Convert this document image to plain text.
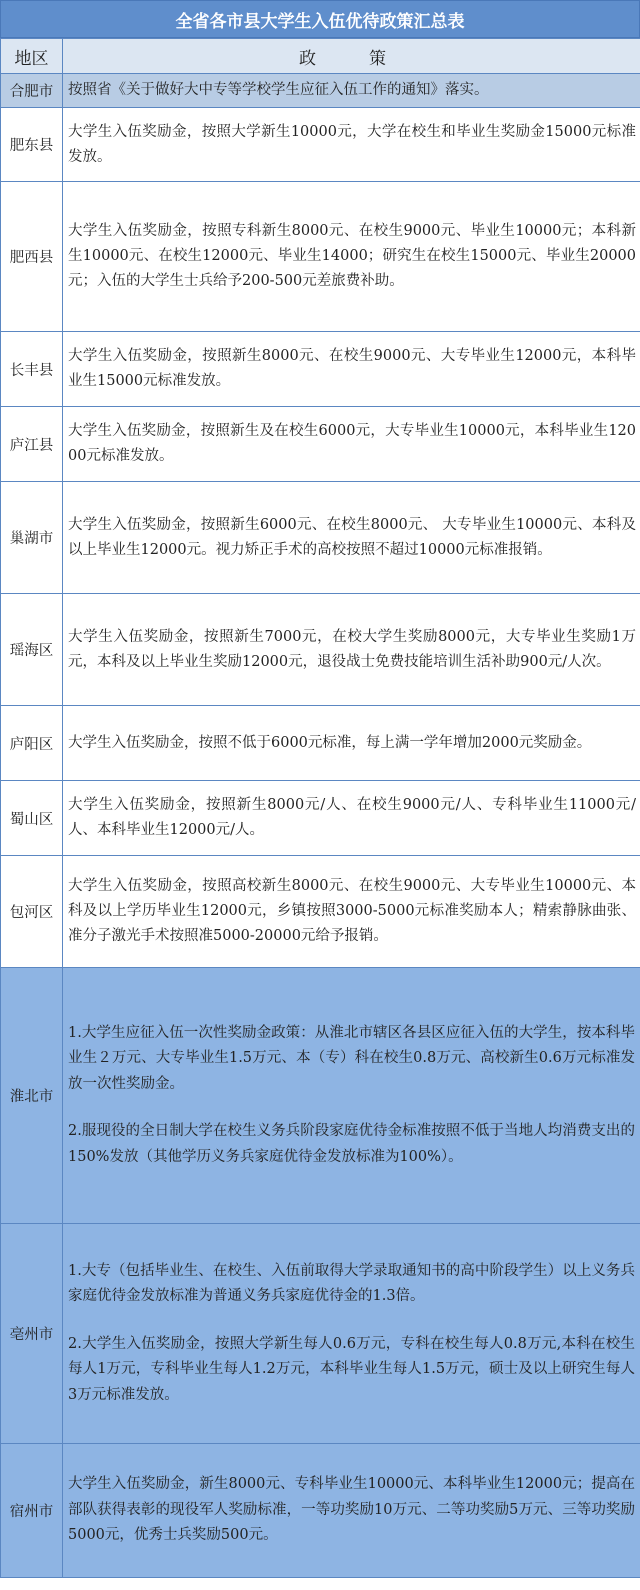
全省各市县大学生入伍优待政策汇总表
地区	政　策
合肥市	按照省《关于做好大中专等学校学生应征入伍工作的通知》落实。

肥东县	大学生入伍奖励金，按照大学新生10000元，大学在校生和毕业生奖励金15000元标准发放。

肥西县	大学生入伍奖励金，按照专科新生8000元、在校生9000元、毕业生10000元；本科新生10000元、在校生12000元、毕业生14000；研究生在校生15000元、毕业生20000元；入伍的大学生士兵给予200-500元差旅费补助。

长丰县	大学生入伍奖励金，按照新生8000元、在校生9000元、大专毕业生12000元，本科毕业生15000元标准发放。

庐江县	大学生入伍奖励金，按照新生及在校生6000元，大专毕业生10000元，本科毕业生12000元标准发放。

巢湖市	大学生入伍奖励金，按照新生6000元、在校生8000元、 大专毕业生10000元、本科及以上毕业生12000元。视力矫正手术的高校按照不超过10000元标准报销。

瑶海区	大学生入伍奖励金，按照新生7000元，在校大学生奖励8000元，大专毕业生奖励1万元，本科及以上毕业生奖励12000元，退役战士免费技能培训生活补助900元/人次。

庐阳区	大学生入伍奖励金，按照不低于6000元标准，每上满一学年增加2000元奖励金。

蜀山区	大学生入伍奖励金，按照新生8000元/人、在校生9000元/人、专科毕业生11000元/人、本科毕业生12000元/人。

包河区	大学生入伍奖励金，按照高校新生8000元、在校生9000元、大专毕业生10000元、本科及以上学历毕业生12000元，乡镇按照3000-5000元标准奖励本人；精索静脉曲张、准分子激光手术按照准5000-20000元给予报销。

淮北市	1.大学生应征入伍一次性奖励金政策：从淮北市辖区各县区应征入伍的大学生，按本科毕业生２万元、大专毕业生1.5万元、本（专）科在校生0.8万元、高校新生0.6万元标准发放一次性奖励金。

2.服现役的全日制大学在校生义务兵阶段家庭优待金标准按照不低于当地人均消费支出的150%发放（其他学历义务兵家庭优待金发放标准为100%）。

亳州市	1.大专（包括毕业生、在校生、入伍前取得大学录取通知书的高中阶段学生）以上义务兵家庭优待金发放标准为普通义务兵家庭优待金的1.3倍。

2.大学生入伍奖励金，按照大学新生每人0.6万元，专科在校生每人0.8万元,本科在校生每人1万元，专科毕业生每人1.2万元，本科毕业生每人1.5万元，硕士及以上研究生每人3万元标准发放。

宿州市	大学生入伍奖励金，新生8000元、专科毕业生10000元、本科毕业生12000元；提高在部队获得表彰的现役军人奖励标准，一等功奖励10万元、二等功奖励5万元、三等功奖励5000元，优秀士兵奖励500元。
